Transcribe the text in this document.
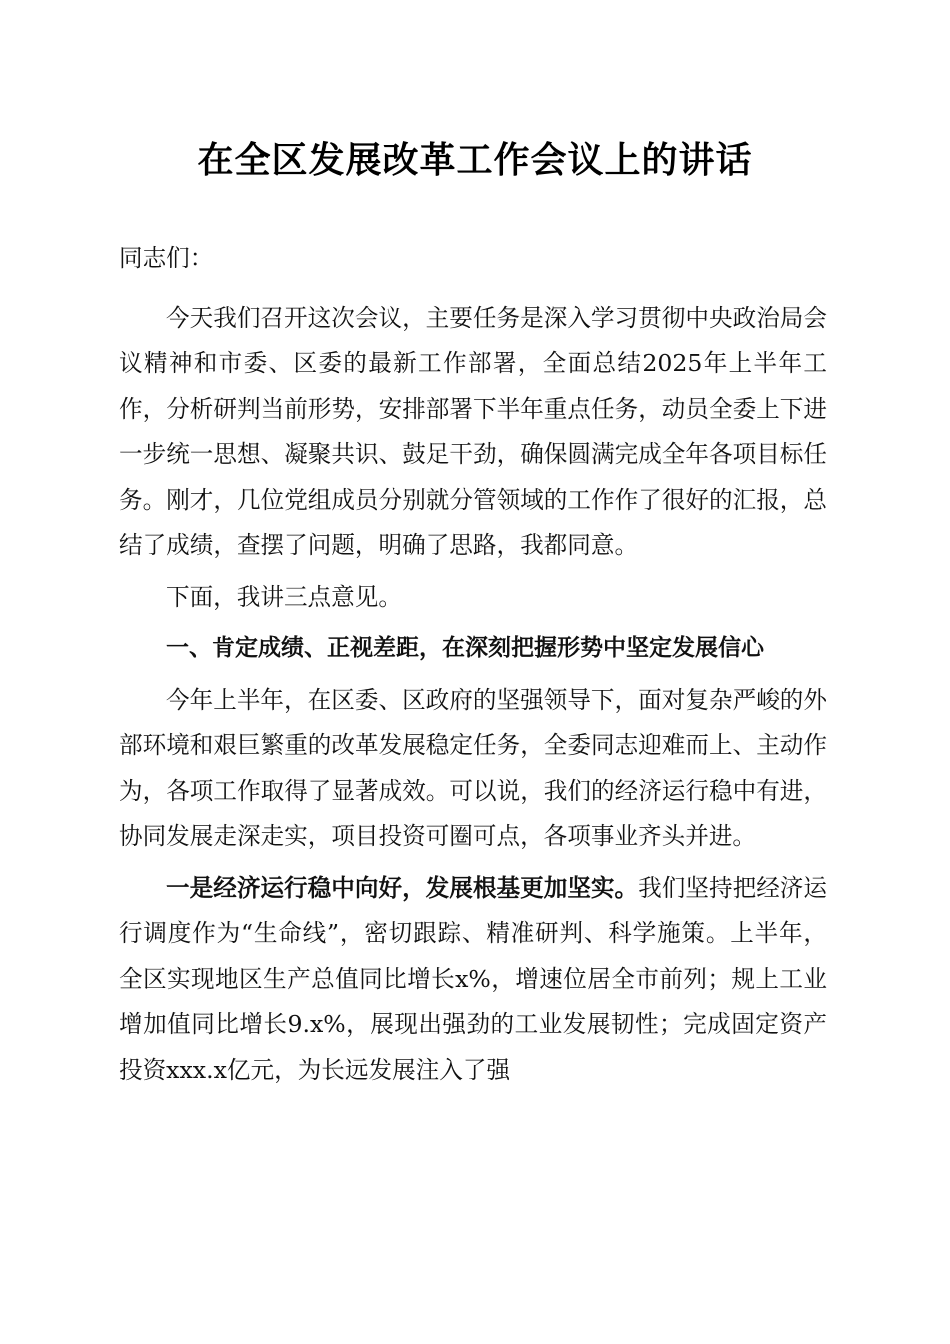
在全区发展改革工作会议上的讲话

同志们：

今天我们召开这次会议，主要任务是深入学习贯彻中央政治局会议精神和市委、区委的最新工作部署，全面总结2025年上半年工作，分析研判当前形势，安排部署下半年重点任务，动员全委上下进一步统一思想、凝聚共识、鼓足干劲，确保圆满完成全年各项目标任务。刚才，几位党组成员分别就分管领域的工作作了很好的汇报，总结了成绩，查摆了问题，明确了思路，我都同意。

下面，我讲三点意见。

一、肯定成绩、正视差距，在深刻把握形势中坚定发展信心

今年上半年，在区委、区政府的坚强领导下，面对复杂严峻的外部环境和艰巨繁重的改革发展稳定任务，全委同志迎难而上、主动作为，各项工作取得了显著成效。可以说，我们的经济运行稳中有进，协同发展走深走实，项目投资可圈可点，各项事业齐头并进。

一是经济运行稳中向好，发展根基更加坚实。我们坚持把经济运行调度作为“生命线”，密切跟踪、精准研判、科学施策。上半年，全区实现地区生产总值同比增长x%，增速位居全市前列；规上工业增加值同比增长9.x%，展现出强劲的工业发展韧性；完成固定资产投资xxx.x亿元，为长远发展注入了强
